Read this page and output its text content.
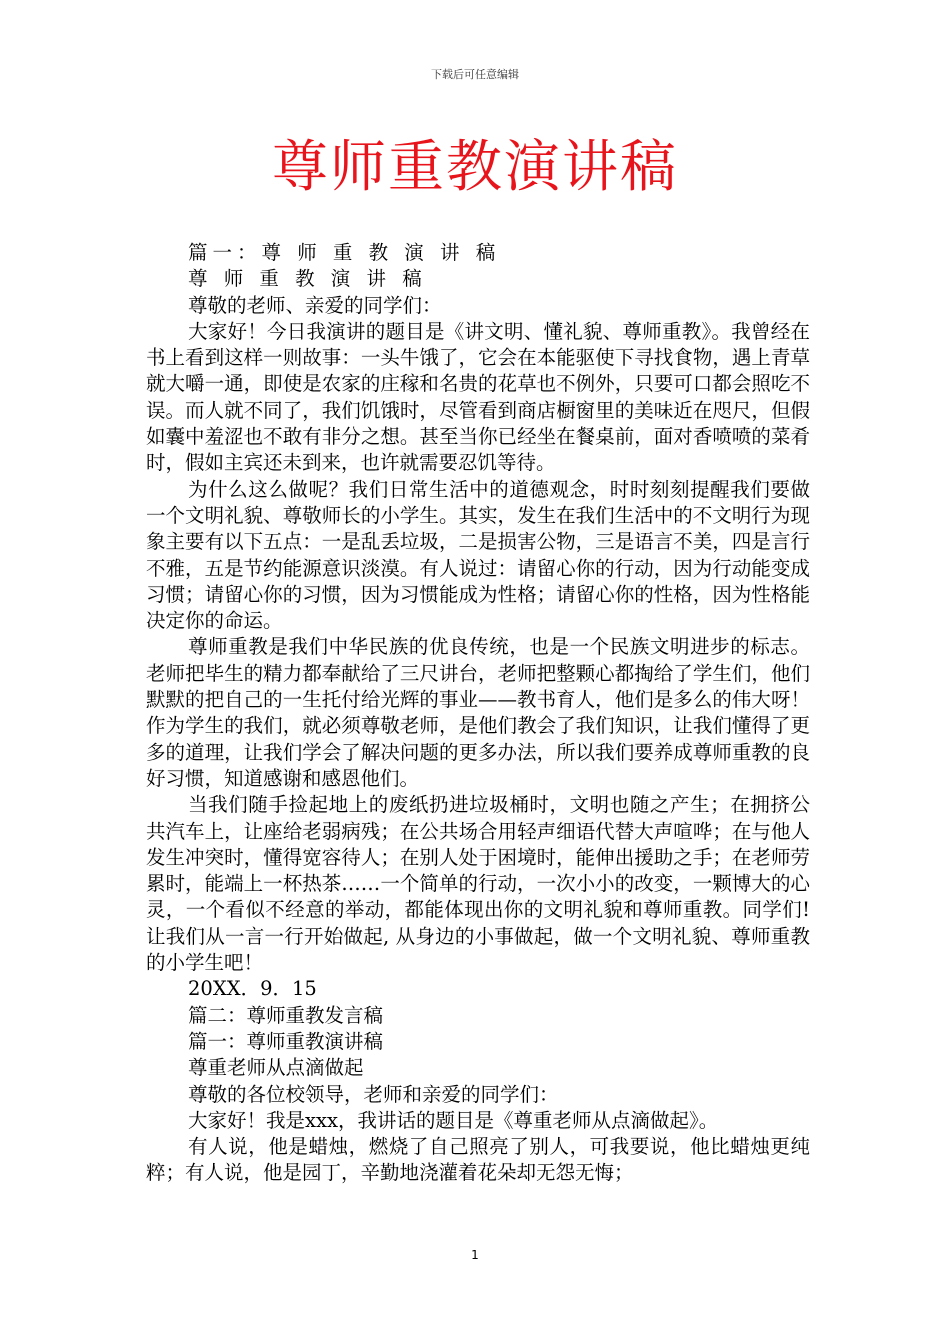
下载后可任意编辑
尊师重教演讲稿

篇一：尊 师 重 教 演 讲 稿

尊 师 重 教 演 讲 稿

尊敬的老师、亲爱的同学们：

大家好！今日我演讲的题目是《讲文明、懂礼貌、尊师重教》。我曾经在书上看到这样一则故事：一头牛饿了，它会在本能驱使下寻找食物，遇上青草就大嚼一通，即使是农家的庄稼和名贵的花草也不例外，只要可口都会照吃不误。而人就不同了，我们饥饿时，尽管看到商店橱窗里的美味近在咫尺，但假如囊中羞涩也不敢有非分之想。甚至当你已经坐在餐桌前，面对香喷喷的菜肴时，假如主宾还未到来，也许就需要忍饥等待。

为什么这么做呢？我们日常生活中的道德观念，时时刻刻提醒我们要做一个文明礼貌、尊敬师长的小学生。其实，发生在我们生活中的不文明行为现象主要有以下五点：一是乱丢垃圾，二是损害公物，三是语言不美，四是言行不雅，五是节约能源意识淡漠。有人说过：请留心你的行动，因为行动能变成习惯；请留心你的习惯，因为习惯能成为性格；请留心你的性格，因为性格能决定你的命运。

尊师重教是我们中华民族的优良传统，也是一个民族文明进步的标志。老师把毕生的精力都奉献给了三尺讲台，老师把整颗心都掏给了学生们，他们默默的把自己的一生托付给光辉的事业——教书育人，他们是多么的伟大呀！作为学生的我们，就必须尊敬老师，是他们教会了我们知识，让我们懂得了更多的道理，让我们学会了解决问题的更多办法，所以我们要养成尊师重教的良好习惯，知道感谢和感恩他们。

当我们随手捡起地上的废纸扔进垃圾桶时，文明也随之产生；在拥挤公共汽车上，让座给老弱病残；在公共场合用轻声细语代替大声喧哗；在与他人发生冲突时，懂得宽容待人；在别人处于困境时，能伸出援助之手；在老师劳累时，能端上一杯热茶……一个简单的行动，一次小小的改变，一颗博大的心灵，一个看似不经意的举动，都能体现出你的文明礼貌和尊师重教。同学们!让我们从一言一行开始做起, 从身边的小事做起，做一个文明礼貌、尊师重教的小学生吧！

20XX．9．15

篇二：尊师重教发言稿

篇一：尊师重教演讲稿

尊重老师从点滴做起

尊敬的各位校领导，老师和亲爱的同学们：

大家好！我是xxx，我讲话的题目是《尊重老师从点滴做起》。

有人说，他是蜡烛，燃烧了自己照亮了别人，可我要说，他比蜡烛更纯粹；有人说，他是园丁，辛勤地浇灌着花朵却无怨无悔；

1
